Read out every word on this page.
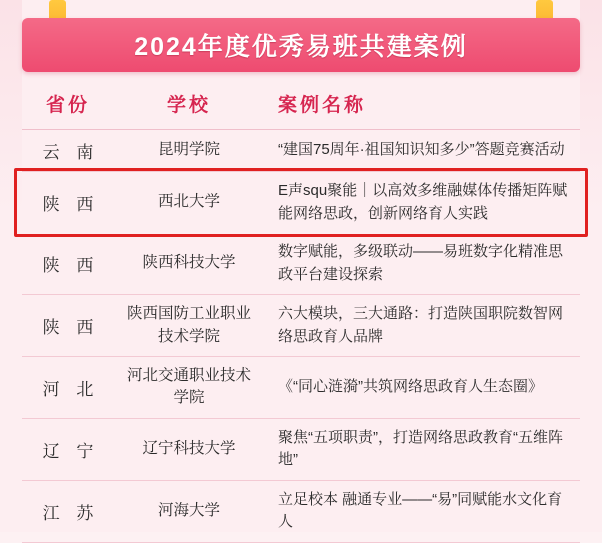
2024年度优秀易班共建案例
省份	学校	案例名称
云 南	昆明学院	“建国75周年·祖国知识知多少”答题竞赛活动
陕 西	西北大学	E声squ聚能｜以高效多维融媒体传播矩阵赋能网络思政，创新网络育人实践
陕 西	陕西科技大学	数字赋能，多级联动——易班数字化精准思政平台建设探索
陕 西	陕西国防工业职业技术学院	六大模块，三大通路：打造陕国职院数智网络思政育人品牌
河 北	河北交通职业技术学院	《“同心涟漪”共筑网络思政育人生态圈》
辽 宁	辽宁科技大学	聚焦“五项职责”，打造网络思政教育“五维阵地”
江 苏	河海大学	立足校本 融通专业——“易”同赋能水文化育人
